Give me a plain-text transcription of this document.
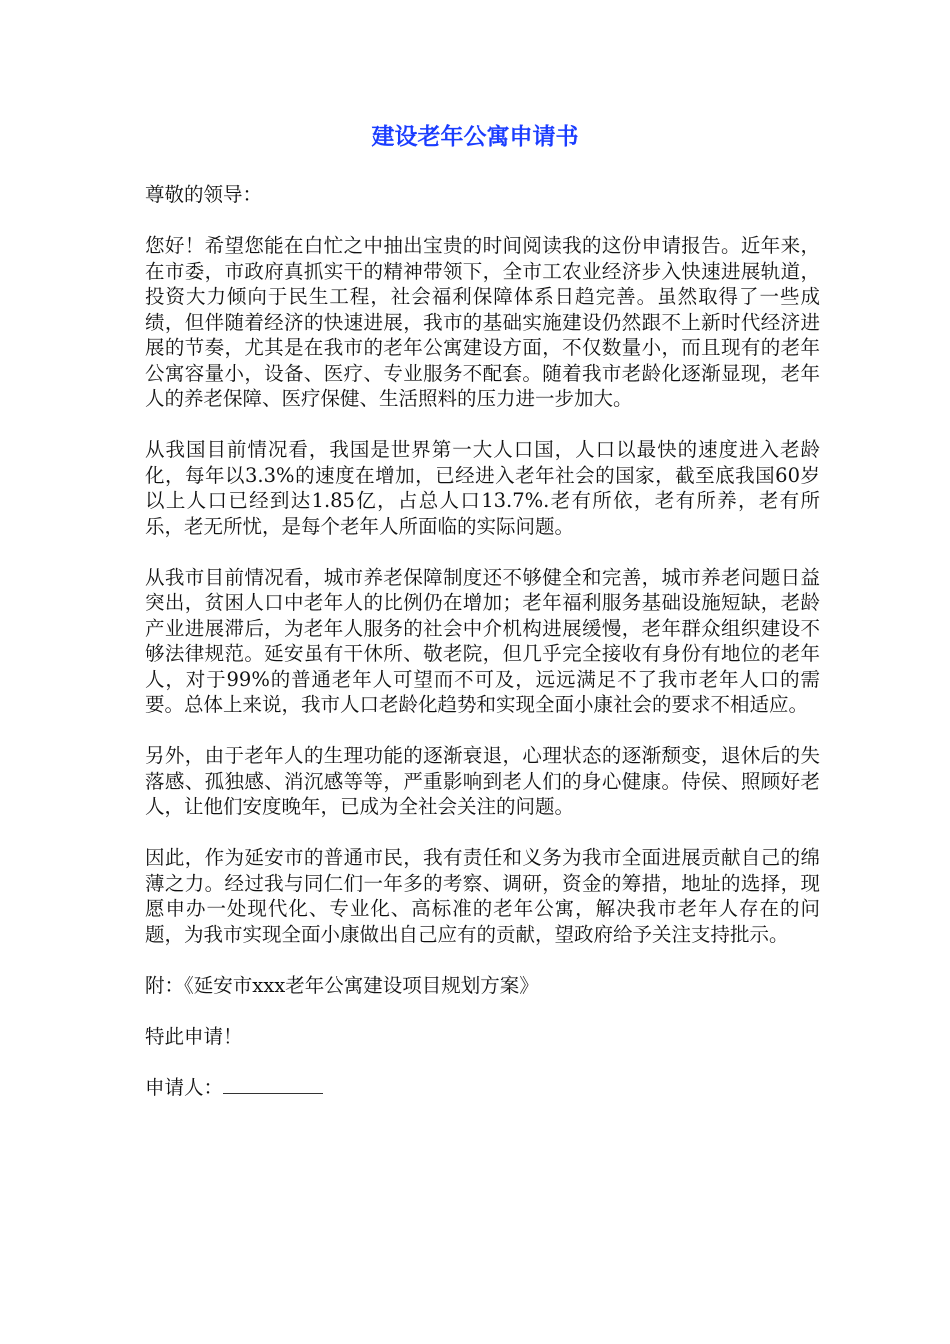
建设老年公寓申请书

尊敬的领导：

您好！希望您能在白忙之中抽出宝贵的时间阅读我的这份申请报告。近年来，在市委，市政府真抓实干的精神带领下，全市工农业经济步入快速进展轨道，投资大力倾向于民生工程，社会福利保障体系日趋完善。虽然取得了一些成绩，但伴随着经济的快速进展，我市的基础实施建设仍然跟不上新时代经济进展的节奏，尤其是在我市的老年公寓建设方面，不仅数量小，而且现有的老年公寓容量小，设备、医疗、专业服务不配套。随着我市老龄化逐渐显现，老年人的养老保障、医疗保健、生活照料的压力进一步加大。

从我国目前情况看，我国是世界第一大人口国，人口以最快的速度进入老龄化，每年以3.3%的速度在增加，已经进入老年社会的国家，截至底我国60岁以上人口已经到达1.85亿，占总人口13.7%.老有所依，老有所养，老有所乐，老无所忧，是每个老年人所面临的实际问题。

从我市目前情况看，城市养老保障制度还不够健全和完善，城市养老问题日益突出，贫困人口中老年人的比例仍在增加；老年福利服务基础设施短缺，老龄产业进展滞后，为老年人服务的社会中介机构进展缓慢，老年群众组织建设不够法律规范。延安虽有干休所、敬老院，但几乎完全接收有身份有地位的老年人，对于99%的普通老年人可望而不可及，远远满足不了我市老年人口的需要。总体上来说，我市人口老龄化趋势和实现全面小康社会的要求不相适应。

另外，由于老年人的生理功能的逐渐衰退，心理状态的逐渐颓变，退休后的失落感、孤独感、消沉感等等，严重影响到老人们的身心健康。侍侯、照顾好老人，让他们安度晚年，已成为全社会关注的问题。

因此，作为延安市的普通市民，我有责任和义务为我市全面进展贡献自己的绵薄之力。经过我与同仁们一年多的考察、调研，资金的筹措，地址的选择，现愿申办一处现代化、专业化、高标准的老年公寓，解决我市老年人存在的问题，为我市实现全面小康做出自己应有的贡献，望政府给予关注支持批示。

附：《延安市xxx老年公寓建设项目规划方案》

特此申请！

申请人：
